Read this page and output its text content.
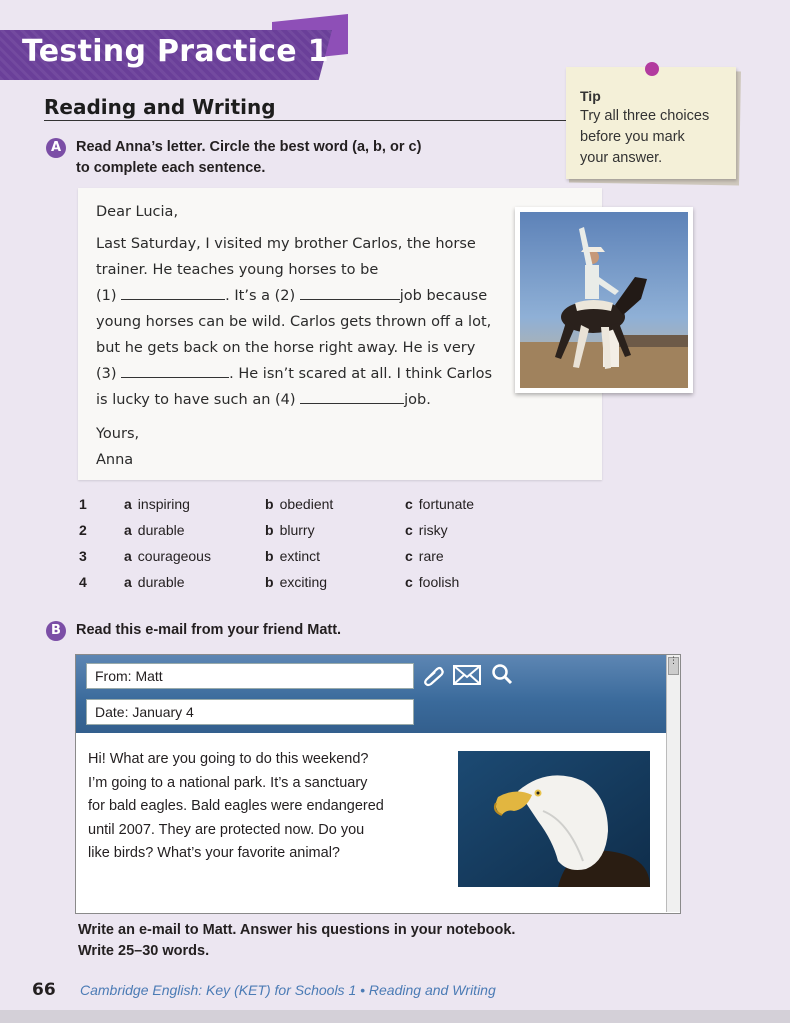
Testing Practice 1
Reading and Writing	Tip
Try all three choices
before you mark
your answer.
A	Read Anna’s letter. Circle the best word (a, b, or c)
to complete each sentence.
Dear Lucia,
Last Saturday, I visited my brother Carlos, the horse
trainer. He teaches young horses to be
(1)	. It’s a (2)	job because
young horses can be wild. Carlos gets thrown off a lot,
but he gets back on the horse right away. He is very
(3)	. He isn’t scared at all. I think Carlos
is lucky to have such an (4)	job.
Yours,
Anna
1	a inspiring	b obedient	c fortunate
2	a durable	b blurry	c risky
3	a courageous	b extinct	c rare
4	a durable	b exciting	c foolish
B	Read this e-mail from your friend Matt.
⋮
From: Matt
Date: January 4
Hi! What are you going to do this weekend?
I’m going to a national park. It’s a sanctuary
for bald eagles. Bald eagles were endangered
until 2007. They are protected now. Do you
like birds? What’s your favorite animal?
Write an e-mail to Matt. Answer his questions in your notebook.
Write 25–30 words.
66 Cambridge English: Key (KET) for Schools 1 • Reading and Writing
